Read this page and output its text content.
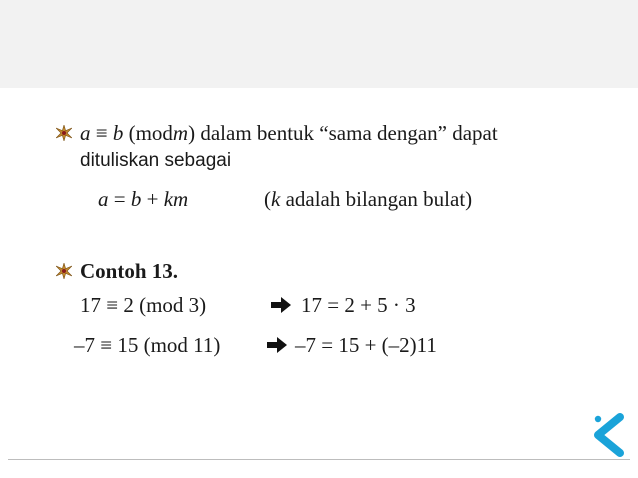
a ≡ b (modm) dalam bentuk “sama dengan” dapat
dituliskan sebagai
a = b + km	(k adalah bilangan bulat)
Contoh 13.
17 ≡ 2 (mod 3)	17 = 2 + 5 · 3
–7 ≡ 15 (mod 11)	–7 = 15 + (–2)11
